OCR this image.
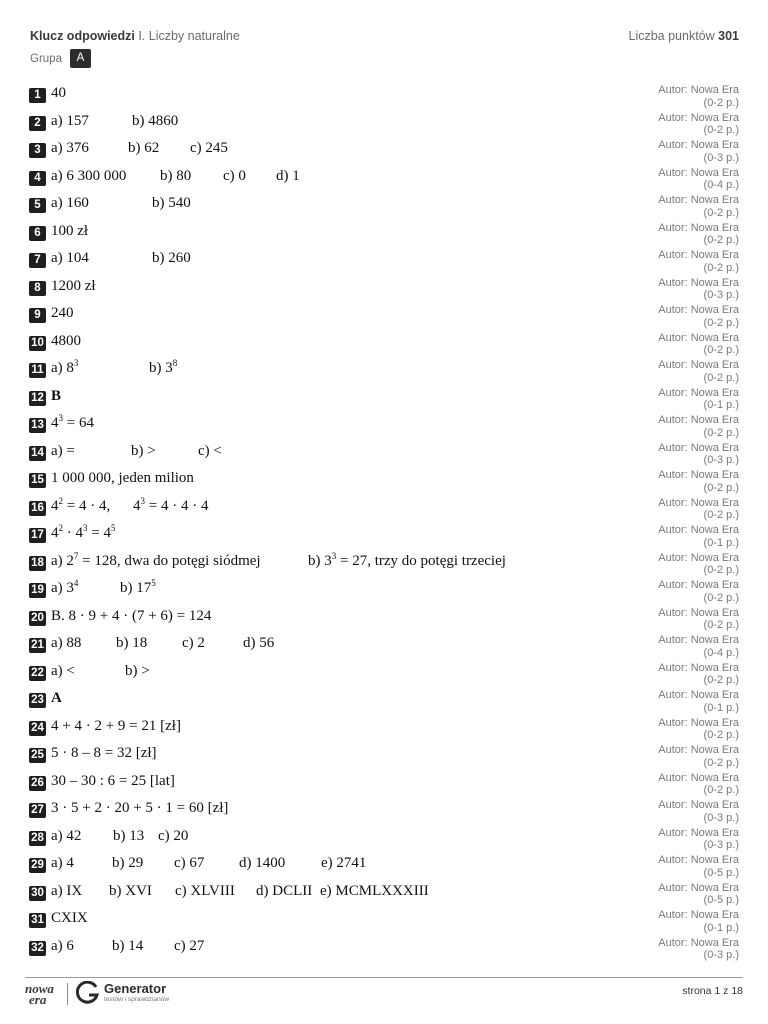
Klucz odpowiedzi I. Liczby naturalne	Liczba punktów 301
Grupa	A
1 40	Autor: Nowa Era
(0-2 p.)
2 a) 157	b) 4860	Autor: Nowa Era
(0-2 p.)
3 a) 376	b) 62 c) 245	Autor: Nowa Era
(0-3 p.)
4 a) 6 300 000 b) 80 c) 0 d) 1	Autor: Nowa Era
(0-4 p.)
5 a) 160	b) 540	Autor: Nowa Era
(0-2 p.)
6 100 zł	Autor: Nowa Era
(0-2 p.)
7 a) 104	b) 260	Autor: Nowa Era
(0-2 p.)
8 1200 zł	Autor: Nowa Era
(0-3 p.)
9 240	Autor: Nowa Era
(0-2 p.)
10 4800	Autor: Nowa Era
(0-2 p.)
11 a) $8^3$	b) $3^8$	Autor: Nowa Era
(0-2 p.)
12 B	Autor: Nowa Era
(0-1 p.)
13 $4^3 = 64$	Autor: Nowa Era
(0-2 p.)
14 a) =	b) >	c) <	Autor: Nowa Era
(0-3 p.)
15 1 000 000, jeden milion	Autor: Nowa Era
(0-2 p.)
16 $4^2 = 4 \cdot 4$, $4^3 = 4 \cdot 4 \cdot 4$	Autor: Nowa Era
(0-2 p.)
17 $4^2 \cdot 4^3 = 4^5$	Autor: Nowa Era
(0-1 p.)
18 a) $2^7 = 128$, dwa do potęgi siódmej	b) $3^3 = 27$, trzy do potęgi trzeciej	Autor: Nowa Era
(0-2 p.)
19 a) $3^4$	b) $17^5$	Autor: Nowa Era
(0-2 p.)
20 B. 8 · 9 + 4 · (7 + 6) = 124	Autor: Nowa Era
(0-2 p.)
21 a) 88 b) 18 c) 2	d) 56	Autor: Nowa Era
(0-4 p.)
22 a) <	b) >	Autor: Nowa Era
(0-2 p.)
23 A	Autor: Nowa Era
(0-1 p.)
24 4 + 4 · 2 + 9 = 21 [zł]	Autor: Nowa Era
(0-2 p.)
25 5 · 8 – 8 = 32 [zł]	Autor: Nowa Era
(0-2 p.)
26 30 – 30 : 6 = 25 [lat]	Autor: Nowa Era
(0-2 p.)
27 3 · 5 + 2 · 20 + 5 · 1 = 60 [zł]	Autor: Nowa Era
(0-3 p.)
28 a) 42 b) 13 c) 20	Autor: Nowa Era
(0-3 p.)
29 a) 4	b) 29 c) 67 d) 1400 e) 2741	Autor: Nowa Era
(0-5 p.)
30 a) IX b) XVI c) XLVIII d) DCLII e) MCMLXXXIII	Autor: Nowa Era
(0-5 p.)
31 CXIX	Autor: Nowa Era
(0-1 p.)
32 a) 6	b) 14 c) 27	Autor: Nowa Era
(0-3 p.)
nowa
era
Generator
testów i sprawdzianów
strona 1 z 18
